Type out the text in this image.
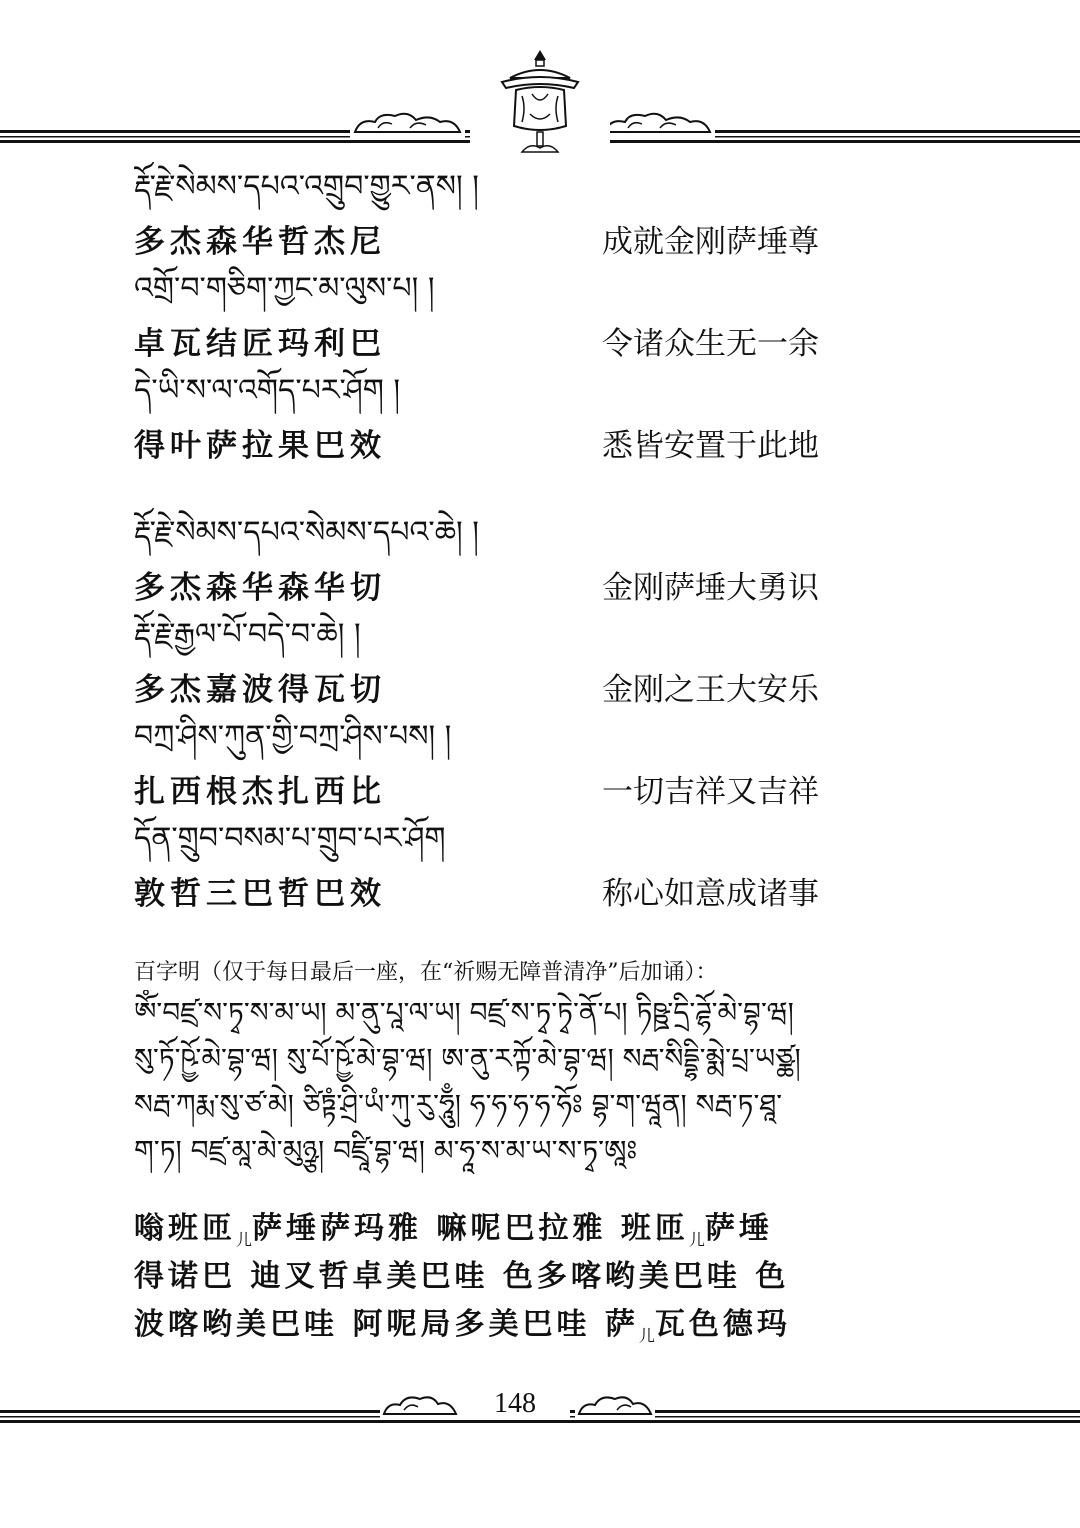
རྡོ་རྗེ་སེམས་དཔའ་འགྲུབ་གྱུར་ནས། །
多杰森华哲杰尼	成就金刚萨埵尊
འགྲོ་བ་གཅིག་ཀྱང་མ་ལུས་པ། །
卓瓦结匠玛利巴	令诸众生无一余
དེ་ཡི་ས་ལ་འགོད་པར་ཤོག །
得叶萨拉果巴效	悉皆安置于此地
རྡོ་རྗེ་སེམས་དཔའ་སེམས་དཔའ་ཆེ། །
多杰森华森华切	金刚萨埵大勇识
རྡོ་རྗེ་རྒྱལ་པོ་བདེ་བ་ཆེ། །
多杰嘉波得瓦切	金刚之王大安乐
བཀྲ་ཤིས་ཀུན་གྱི་བཀྲ་ཤིས་པས། །
扎西根杰扎西比	一切吉祥又吉祥
དོན་གྲུབ་བསམ་པ་གྲུབ་པར་ཤོག
敦哲三巴哲巴效	称心如意成诸事
百字明（仅于每日最后一座，在“祈赐无障普清净”后加诵）：
ཨོཾ་བཛྲ་ས་ཏྭ་ས་མ་ཡ། མ་ནུ་པཱ་ལ་ཡ། བཛྲ་ས་ཏྭ་ཏྭེ་ནོ་པ། ཏིཥྛ་དྲི་ཌྷོ་མེ་བྷ་ཝ།
སུ་ཏོ་ཥྱོ་མེ་བྷ་ཝ། སུ་པོ་ཥྱོ་མེ་བྷ་ཝ། ཨ་ནུ་རཀྟོ་མེ་བྷ་ཝ། སརྦ་སིདྡྷི་མྨེ་པྲ་ཡཙྪ།
སརྦ་ཀརྨ་སུ་ཙ་མེ། ཙིཏྟཾ་ཤྲི་ཡཾ་ཀུ་རུ་ཧཱུྃ། ཧ་ཧ་ཧ་ཧ་ཧོཿ བྷ་ག་ཝཱན། སརྦ་ཏ་ཐཱ་
ག་ཏ། བཛྲ་མཱ་མེ་མུཉྩ། བཛྲཱི་བྷ་ཝ། མ་ཧཱ་ས་མ་ཡ་ས་ཏྭ་ཨཱཿ
嗡班匝$_儿$萨埵萨玛雅 嘛呢巴拉雅 班匝$_儿$萨埵
得诺巴 迪叉哲卓美巴哇 色多喀哟美巴哇 色
波喀哟美巴哇 阿呢局多美巴哇 萨$_儿$瓦色德玛
148
